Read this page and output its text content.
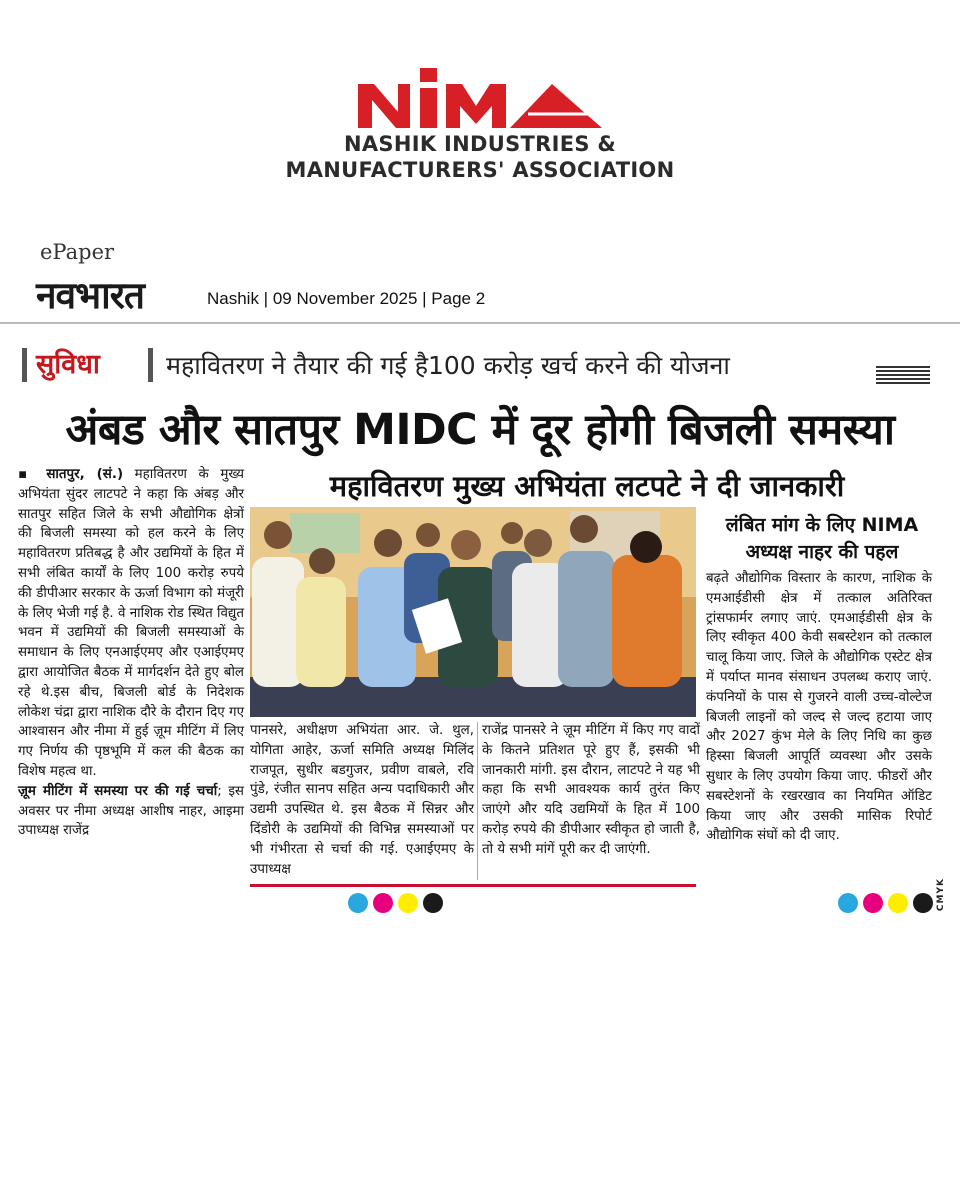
NASHIK INDUSTRIES &
MANUFACTURERS' ASSOCIATION
ePaper
नवभारत	Nashik | 09 November 2025 | Page 2
सुविधा	महावितरण ने तैयार की गई है100 करोड़ खर्च करने की योजना
अंबड और सातपुर MIDC में दूर होगी बिजली समस्या
महावितरण मुख्य अभियंता लटपटे ने दी जानकारी
▪ सातपुर, (सं.) महावितरण के मुख्य अभियंता सुंदर लाटपटे ने कहा कि अंबड़ और सातपुर सहित जिले के सभी औद्योगिक क्षेत्रों की बिजली समस्या को हल करने के लिए महावितरण प्रतिबद्ध है और उद्यमियों के हित में सभी लंबित कार्यों के लिए 100 करोड़ रुपये की डीपीआर सरकार के ऊर्जा विभाग को मंजूरी के लिए भेजी गई है. वे नाशिक रोड स्थित विद्युत भवन में उद्यमियों की बिजली समस्याओं के समाधान के लिए एनआईएमए और एआईएमए द्वारा आयोजित बैठक में मार्गदर्शन देते हुए बोल रहे थे.इस बीच, बिजली बोर्ड के निदेशक लोकेश चंद्रा द्वारा नाशिक दौरे के दौरान दिए गए आश्वासन और नीमा में हुई ज़ूम मीटिंग में लिए गए निर्णय की पृष्ठभूमि में कल की बैठक का विशेष महत्व था.
ज़ूम मीटिंग में समस्या पर की गई चर्चा; इस अवसर पर नीमा अध्यक्ष आशीष नाहर, आइमा उपाध्यक्ष राजेंद्र
पानसरे, अधीक्षण अभियंता आर. जे. थुल, योगिता आहेर, ऊर्जा समिति अध्यक्ष मिलिंद राजपूत, सुधीर बडगुजर, प्रवीण वाबले, रवि पुंडे, रंजीत सानप सहित अन्य पदाधिकारी और उद्यमी उपस्थित थे. इस बैठक में सिन्नर और दिंडोरी के उद्यमियों की विभिन्न समस्याओं पर भी गंभीरता से चर्चा की गई. एआईएमए के उपाध्यक्ष
राजेंद्र पानसरे ने ज़ूम मीटिंग में किए गए वादों के कितने प्रतिशत पूरे हुए हैं, इसकी भी जानकारी मांगी. इस दौरान, लाटपटे ने यह भी कहा कि सभी आवश्यक कार्य तुरंत किए जाएंगे और यदि उद्यमियों के हित में 100 करोड़ रुपये की डीपीआर स्वीकृत हो जाती है, तो ये सभी मांगें पूरी कर दी जाएंगी.
लंबित मांग के लिए NIMA
अध्यक्ष नाहर की पहल
बढ़ते औद्योगिक विस्तार के कारण, नाशिक के एमआईडीसी क्षेत्र में तत्काल अतिरिक्त ट्रांसफार्मर लगाए जाएं. एमआईडीसी क्षेत्र के लिए स्वीकृत 400 केवी सबस्टेशन को तत्काल चालू किया जाए. जिले के औद्योगिक एस्टेट क्षेत्र में पर्याप्त मानव संसाधन उपलब्ध कराए जाएं. कंपनियों के पास से गुजरने वाली उच्च-वोल्टेज बिजली लाइनों को जल्द से जल्द हटाया जाए और 2027 कुंभ मेले के लिए निधि का कुछ हिस्सा बिजली आपूर्ति व्यवस्था और उसके सुधार के लिए उपयोग किया जाए. फीडरों और सबस्टेशनों के रखरखाव का नियमित ऑडिट किया जाए और उसकी मासिक रिपोर्ट औद्योगिक संघों को दी जाए.
CMYK
